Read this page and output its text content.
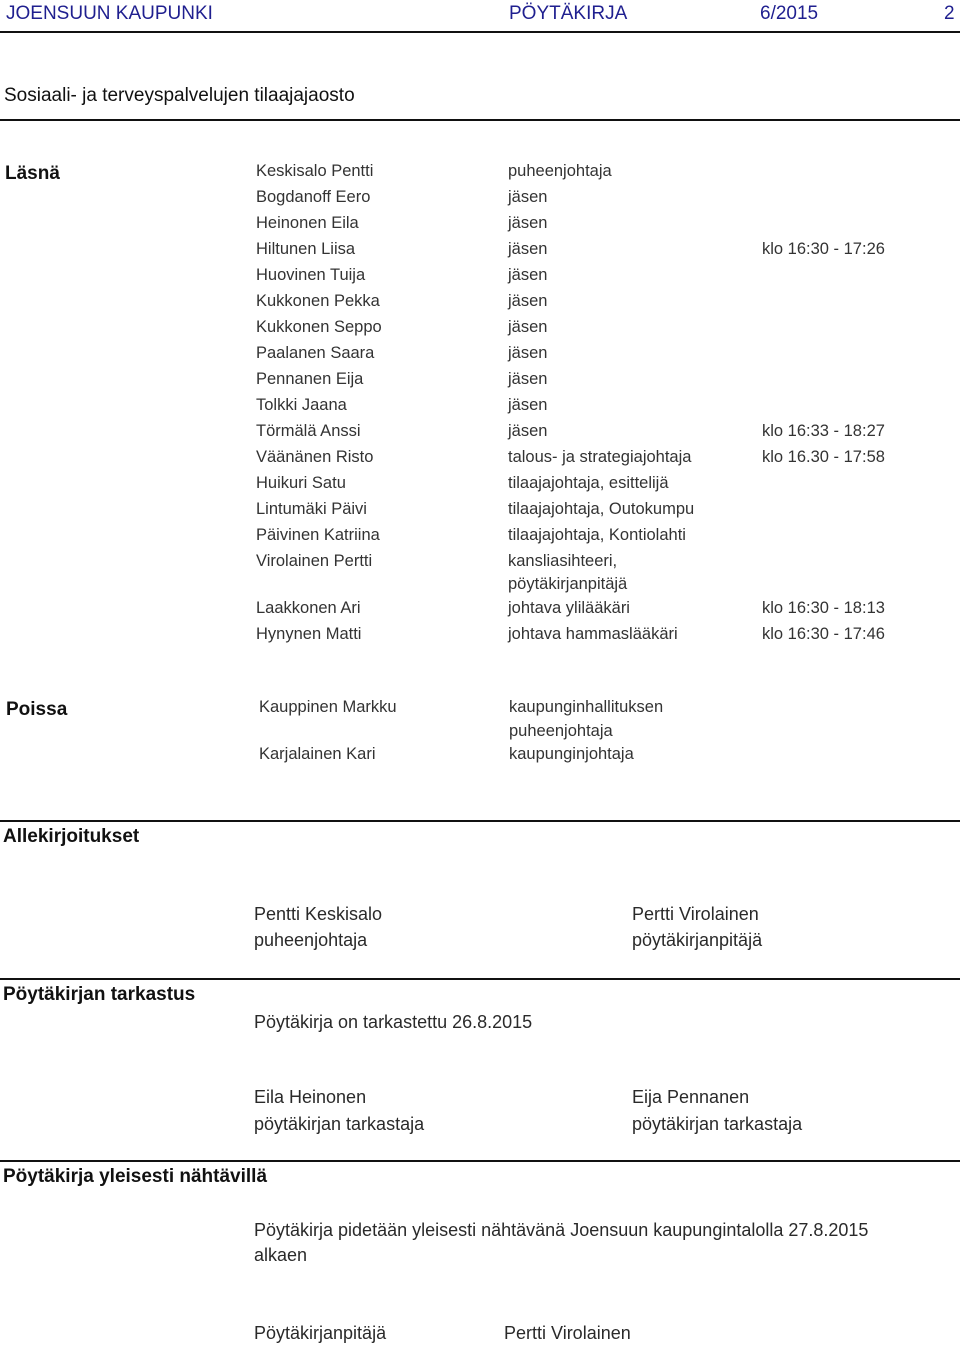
JOENSUUN KAUPUNKI	PÖYTÄKIRJA	6/2015	2
Sosiaali- ja terveyspalvelujen tilaajajaosto
Läsnä	Keskisalo Pentti	puheenjohtaja
Bogdanoff Eero	jäsen
Heinonen Eila	jäsen
Hiltunen Liisa	jäsen	klo 16:30 - 17:26
Huovinen Tuija	jäsen
Kukkonen Pekka	jäsen
Kukkonen Seppo	jäsen
Paalanen Saara	jäsen
Pennanen Eija	jäsen
Tolkki Jaana	jäsen
Törmälä Anssi	jäsen	klo 16:33 - 18:27
Väänänen Risto	talous- ja strategiajohtaja	klo 16.30 - 17:58
Huikuri Satu	tilaajajohtaja, esittelijä
Lintumäki Päivi	tilaajajohtaja, Outokumpu
Päivinen Katriina	tilaajajohtaja, Kontiolahti
Virolainen Pertti	kansliasihteeri,
pöytäkirjanpitäjä
Laakkonen Ari	johtava ylilääkäri	klo 16:30 - 18:13
Hynynen Matti	johtava hammaslääkäri	klo 16:30 - 17:46
Poissa	Kauppinen Markku	kaupunginhallituksen
puheenjohtaja
Karjalainen Kari	kaupunginjohtaja
Allekirjoitukset
Pentti Keskisalo
puheenjohtaja
Pertti Virolainen
pöytäkirjanpitäjä
Pöytäkirjan tarkastus
Pöytäkirja on tarkastettu 26.8.2015
Eila Heinonen
pöytäkirjan tarkastaja
Eija Pennanen
pöytäkirjan tarkastaja
Pöytäkirja yleisesti nähtävillä
Pöytäkirja pidetään yleisesti nähtävänä Joensuun kaupungintalolla 27.8.2015
alkaen
Pöytäkirjanpitäjä	Pertti Virolainen
